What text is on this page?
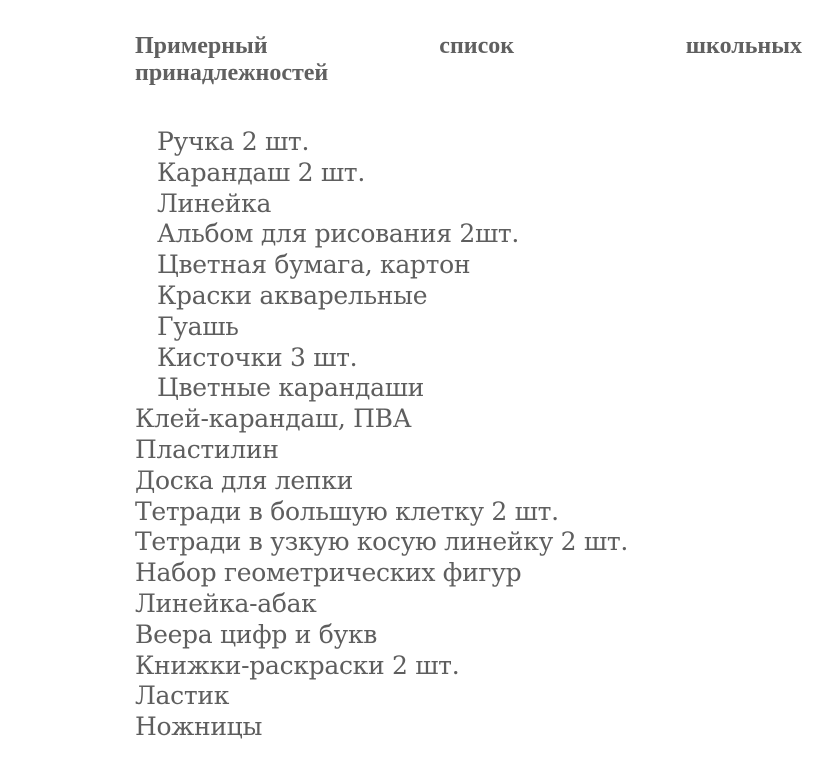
Примерный	список	школьных
принадлежностей
Ручка 2 шт.
Карандаш 2 шт.
Линейка
Альбом для рисования 2шт.
Цветная бумага, картон
Краски акварельные
Гуашь
Кисточки 3 шт.
Цветные карандаши
Клей-карандаш, ПВА
Пластилин
Доска для лепки
Тетради в большую клетку 2 шт.
Тетради в узкую косую линейку 2 шт.
Набор геометрических фигур
Линейка-абак
Веера цифр и букв
Книжки-раскраски 2 шт.
Ластик
Ножницы
